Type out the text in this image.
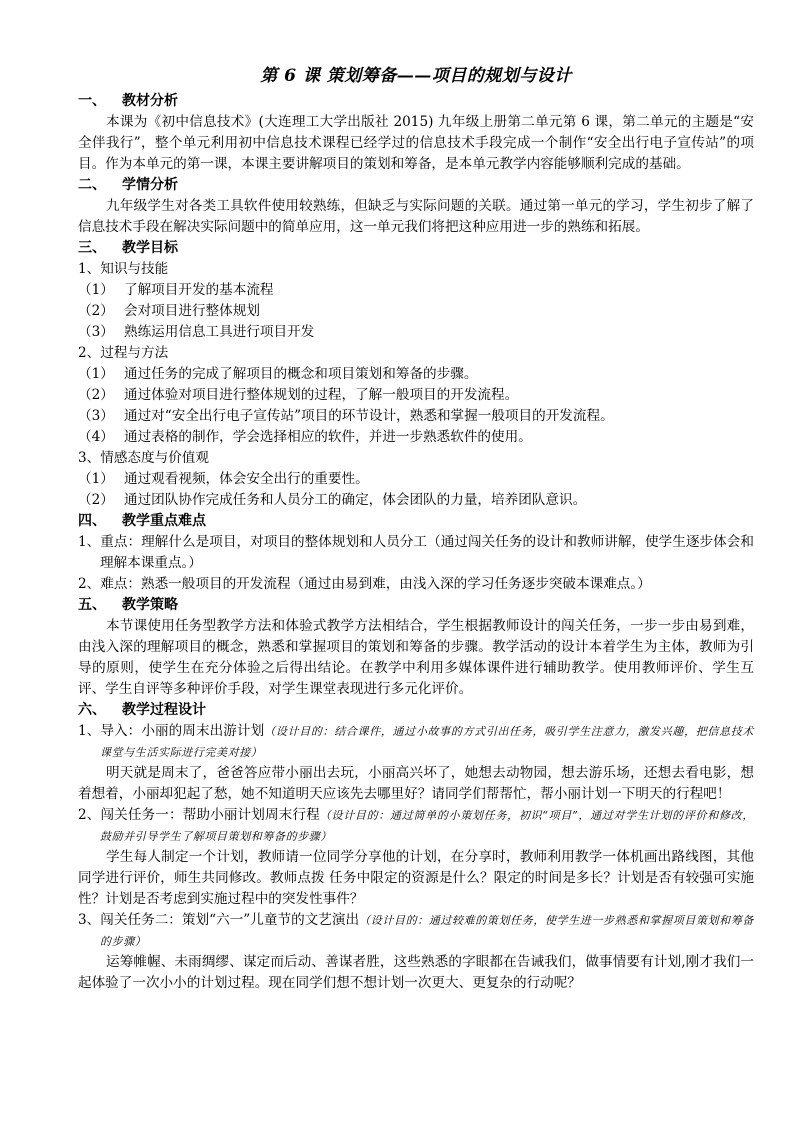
第 6 课 策划筹备——项目的规划与设计
一、	教材分析

本课为《初中信息技术》(大连理工大学出版社 2015) 九年级上册第二单元第 6 课，第二单元的主题是“安全伴我行”，整个单元利用初中信息技术课程已经学过的信息技术手段完成一个制作“安全出行电子宣传站”的项目。作为本单元的第一课，本课主要讲解项目的策划和筹备，是本单元教学内容能够顺利完成的基础。

二、	学情分析

九年级学生对各类工具软件使用较熟练，但缺乏与实际问题的关联。通过第一单元的学习，学生初步了解了信息技术手段在解决实际问题中的简单应用，这一单元我们将把这种应用进一步的熟练和拓展。

三、	教学目标
1、知识与技能
（1） 了解项目开发的基本流程
（2） 会对项目进行整体规划
（3） 熟练运用信息工具进行项目开发
2、过程与方法
（1） 通过任务的完成了解项目的概念和项目策划和筹备的步骤。
（2） 通过体验对项目进行整体规划的过程，了解一般项目的开发流程。
（3） 通过对“安全出行电子宣传站”项目的环节设计，熟悉和掌握一般项目的开发流程。
（4） 通过表格的制作，学会选择相应的软件，并进一步熟悉软件的使用。
3、情感态度与价值观
（1） 通过观看视频，体会安全出行的重要性。
（2） 通过团队协作完成任务和人员分工的确定，体会团队的力量，培养团队意识。
四、	教学重点难点

1、重点：理解什么是项目，对项目的整体规划和人员分工（通过闯关任务的设计和教师讲解，使学生逐步体会和理解本课重点。）

2、难点：熟悉一般项目的开发流程（通过由易到难，由浅入深的学习任务逐步突破本课难点。）

五、	教学策略

本节课使用任务型教学方法和体验式教学方法相结合，学生根据教师设计的闯关任务，一步一步由易到难，由浅入深的理解项目的概念，熟悉和掌握项目的策划和筹备的步骤。教学活动的设计本着学生为主体，教师为引导的原则，使学生在充分体验之后得出结论。在教学中利用多媒体课件进行辅助教学。使用教师评价、学生互评、学生自评等多种评价手段，对学生课堂表现进行多元化评价。

六、	教学过程设计

1、导入：小丽的周末出游计划（设计目的：结合课件，通过小故事的方式引出任务，吸引学生注意力，激发兴趣，把信息技术课堂与生活实际进行完美对接）

明天就是周末了，爸爸答应带小丽出去玩，小丽高兴坏了，她想去动物园，想去游乐场，还想去看电影，想着想着，小丽却犯起了愁，她不知道明天应该先去哪里好？请同学们帮帮忙，帮小丽计划一下明天的行程吧！

2、闯关任务一：帮助小丽计划周末行程（设计目的：通过简单的小策划任务，初识“项目”，通过对学生计划的评价和修改，鼓励并引导学生了解项目策划和筹备的步骤）

学生每人制定一个计划，教师请一位同学分享他的计划，在分享时，教师利用教学一体机画出路线图，其他同学进行评价，师生共同修改。教师点拨 任务中限定的资源是什么？限定的时间是多长？计划是否有较强可实施性？计划是否考虑到实施过程中的突发性事件？

3、闯关任务二：策划“六一”儿童节的文艺演出（设计目的：通过较难的策划任务，使学生进一步熟悉和掌握项目策划和筹备的步骤）

运筹帷幄、未雨绸缪、谋定而后动、善谋者胜，这些熟悉的字眼都在告诫我们，做事情要有计划,刚才我们一起体验了一次小小的计划过程。现在同学们想不想计划一次更大、更复杂的行动呢？
